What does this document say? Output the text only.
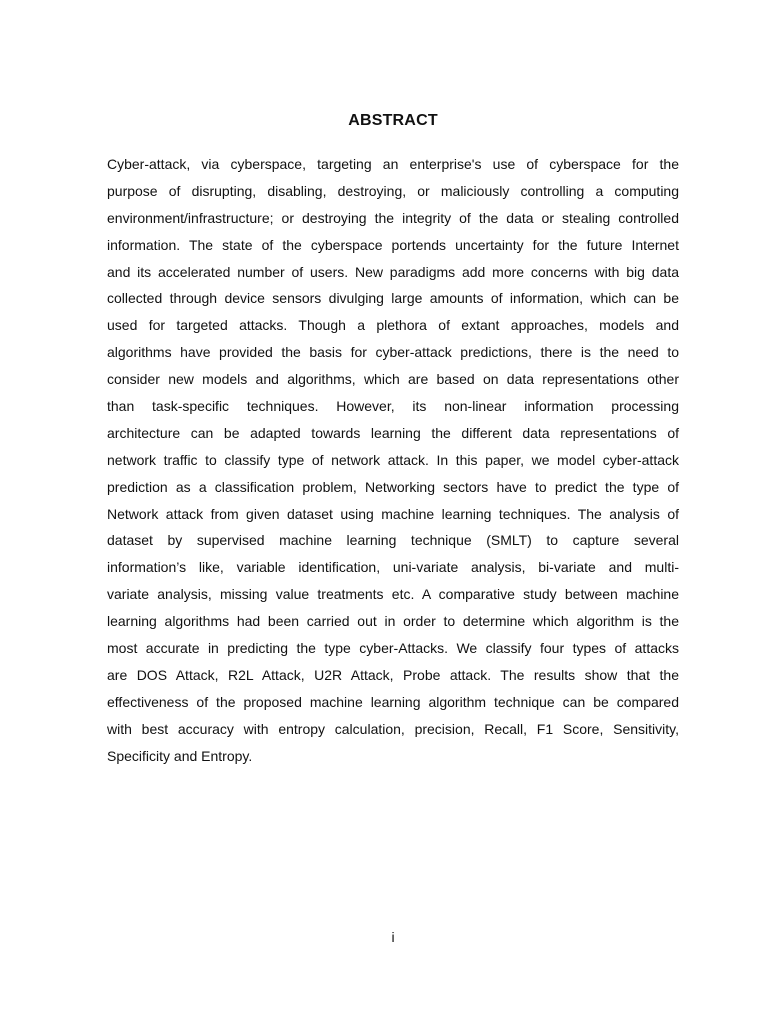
ABSTRACT
Cyber-attack, via cyberspace, targeting an enterprise's use of cyberspace for the
purpose of disrupting, disabling, destroying, or maliciously controlling a computing
environment/infrastructure; or destroying the integrity of the data or stealing controlled
information. The state of the cyberspace portends uncertainty for the future Internet
and its accelerated number of users. New paradigms add more concerns with big data
collected through device sensors divulging large amounts of information, which can be
used for targeted attacks. Though a plethora of extant approaches, models and
algorithms have provided the basis for cyber-attack predictions, there is the need to
consider new models and algorithms, which are based on data representations other
than task-specific techniques. However, its non-linear information processing
architecture can be adapted towards learning the different data representations of
network traffic to classify type of network attack. In this paper, we model cyber-attack
prediction as a classification problem, Networking sectors have to predict the type of
Network attack from given dataset using machine learning techniques. The analysis of
dataset by supervised machine learning technique (SMLT) to capture several
information’s like, variable identification, uni-variate analysis, bi-variate and multi-
variate analysis, missing value treatments etc. A comparative study between machine
learning algorithms had been carried out in order to determine which algorithm is the
most accurate in predicting the type cyber-Attacks. We classify four types of attacks
are DOS Attack, R2L Attack, U2R Attack, Probe attack. The results show that the
effectiveness of the proposed machine learning algorithm technique can be compared
with best accuracy with entropy calculation, precision, Recall, F1 Score, Sensitivity,
Specificity and Entropy.
i
